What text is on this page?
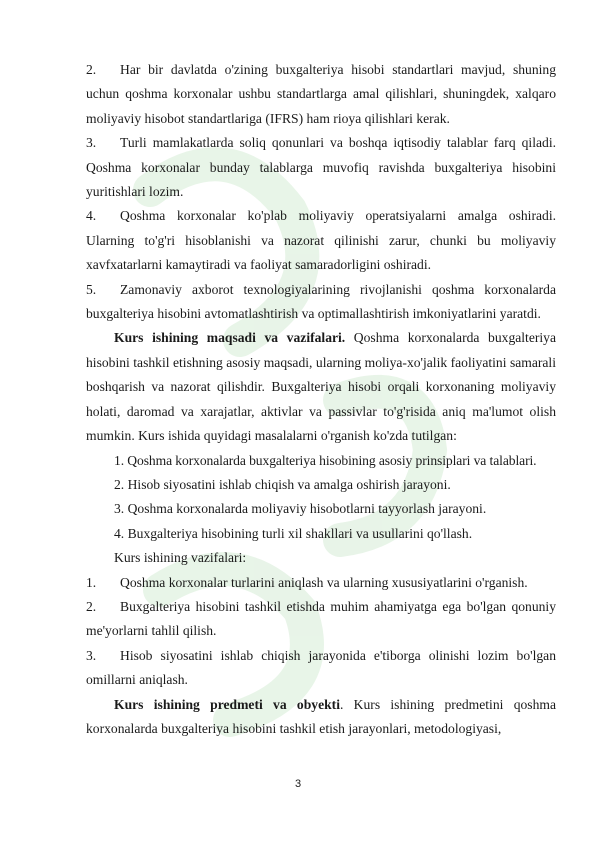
2. Har bir davlatda o'zining buxgalteriya hisobi standartlari mavjud, shuning uchun qoshma korxonalar ushbu standartlarga amal qilishlari, shuningdek, xalqaro moliyaviy hisobot standartlariga (IFRS) ham rioya qilishlari kerak.

3. Turli mamlakatlarda soliq qonunlari va boshqa iqtisodiy talablar farq qiladi. Qoshma korxonalar bunday talablarga muvofiq ravishda buxgalteriya hisobini yuritishlari lozim.

4. Qoshma korxonalar ko'plab moliyaviy operatsiyalarni amalga oshiradi. Ularning to'g'ri hisoblanishi va nazorat qilinishi zarur, chunki bu moliyaviy xavfxatarlarni kamaytiradi va faoliyat samaradorligini oshiradi.

5. Zamonaviy axborot texnologiyalarining rivojlanishi qoshma korxonalarda buxgalteriya hisobini avtomatlashtirish va optimallashtirish imkoniyatlarini yaratdi.

Kurs ishining maqsadi va vazifalari. Qoshma korxonalarda buxgalteriya hisobini tashkil etishning asosiy maqsadi, ularning moliya-xo'jalik faoliyatini samarali boshqarish va nazorat qilishdir. Buxgalteriya hisobi orqali korxonaning moliyaviy holati, daromad va xarajatlar, aktivlar va passivlar to'g'risida aniq ma'lumot olish mumkin. Kurs ishida quyidagi masalalarni o'rganish ko'zda tutilgan:

1. Qoshma korxonalarda buxgalteriya hisobining asosiy prinsiplari va talablari.

2. Hisob siyosatini ishlab chiqish va amalga oshirish jarayoni.

3. Qoshma korxonalarda moliyaviy hisobotlarni tayyorlash jarayoni.

4. Buxgalteriya hisobining turli xil shakllari va usullarini qo'llash.

Kurs ishining vazifalari:

1. Qoshma korxonalar turlarini aniqlash va ularning xususiyatlarini o'rganish.

2. Buxgalteriya hisobini tashkil etishda muhim ahamiyatga ega bo'lgan qonuniy me'yorlarni tahlil qilish.

3. Hisob siyosatini ishlab chiqish jarayonida e'tiborga olinishi lozim bo'lgan omillarni aniqlash.

Kurs ishining predmeti va obyekti. Kurs ishining predmetini qoshma korxonalarda buxgalteriya hisobini tashkil etish jarayonlari, metodologiyasi,

3
